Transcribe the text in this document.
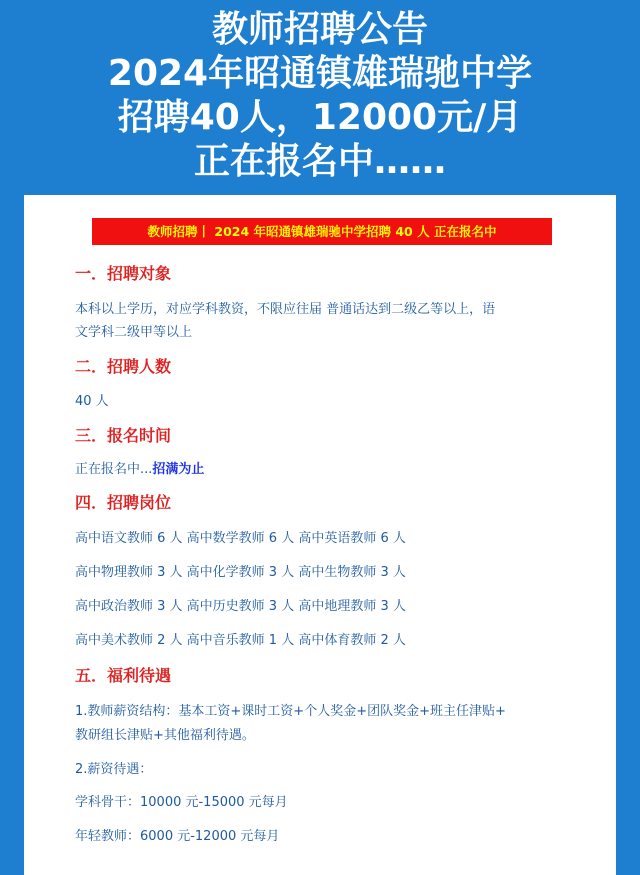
教师招聘公告
2024年昭通镇雄瑞驰中学
招聘40人，12000元/月
正在报名中……
教师招聘丨 2024 年昭通镇雄瑞驰中学招聘 40 人 正在报名中
一．招聘对象
本科以上学历，对应学科教资，不限应往届 普通话达到二级乙等以上，语
文学科二级甲等以上
二．招聘人数
40 人
三．报名时间
正在报名中...招满为止
四．招聘岗位
高中语文教师 6 人 高中数学教师 6 人 高中英语教师 6 人
高中物理教师 3 人 高中化学教师 3 人 高中生物教师 3 人
高中政治教师 3 人 高中历史教师 3 人 高中地理教师 3 人
高中美术教师 2 人 高中音乐教师 1 人 高中体育教师 2 人
五．福利待遇
1.教师薪资结构：基本工资+课时工资+个人奖金+团队奖金+班主任津贴+
教研组长津贴+其他福利待遇。
2.薪资待遇：
学科骨干：10000 元-15000 元每月
年轻教师：6000 元-12000 元每月
